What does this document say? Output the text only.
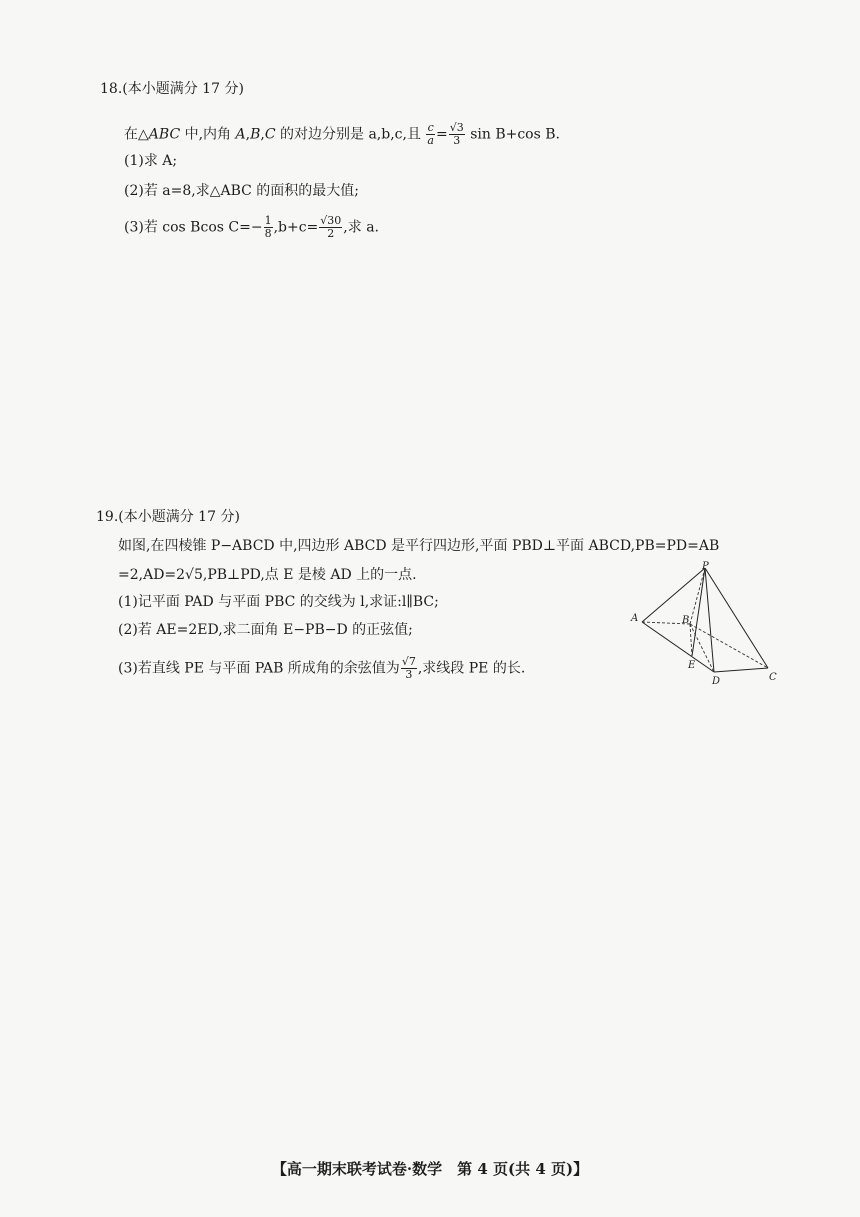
18.(本小题满分 17 分)
在△ABC 中,内角 A,B,C 的对边分别是 a,b,c,且 $\frac{c}{a} = \frac{√3}{3}$ sin B+cos B.
(1)求 A;
(2)若 a=8,求△ABC 的面积的最大值;
(3)若 cos Bcos $C=- \frac{1}{8} ,b+c= \frac{√30}{2}$ ,求 a.
19.(本小题满分 17 分)
如图,在四棱锥 P−ABCD 中,四边形 ABCD 是平行四边形,平面 PBD⊥平面 ABCD,PB=PD=AB
=2,AD=2√5,PB⊥PD,点 E 是棱 AD 上的一点.
(1)记平面 PAD 与平面 PBC 的交线为 l,求证:l∥BC;
(2)若 AE=2ED,求二面角 E−PB−D 的正弦值;
(3)若直线 PE 与平面 PAB 所成角的余弦值为 $\frac{√7}{3}$ ,求线段 PE 的长.
P
A	B
C
D
E
【高一期末联考试卷·数学　第 4 页(共 4 页)】
